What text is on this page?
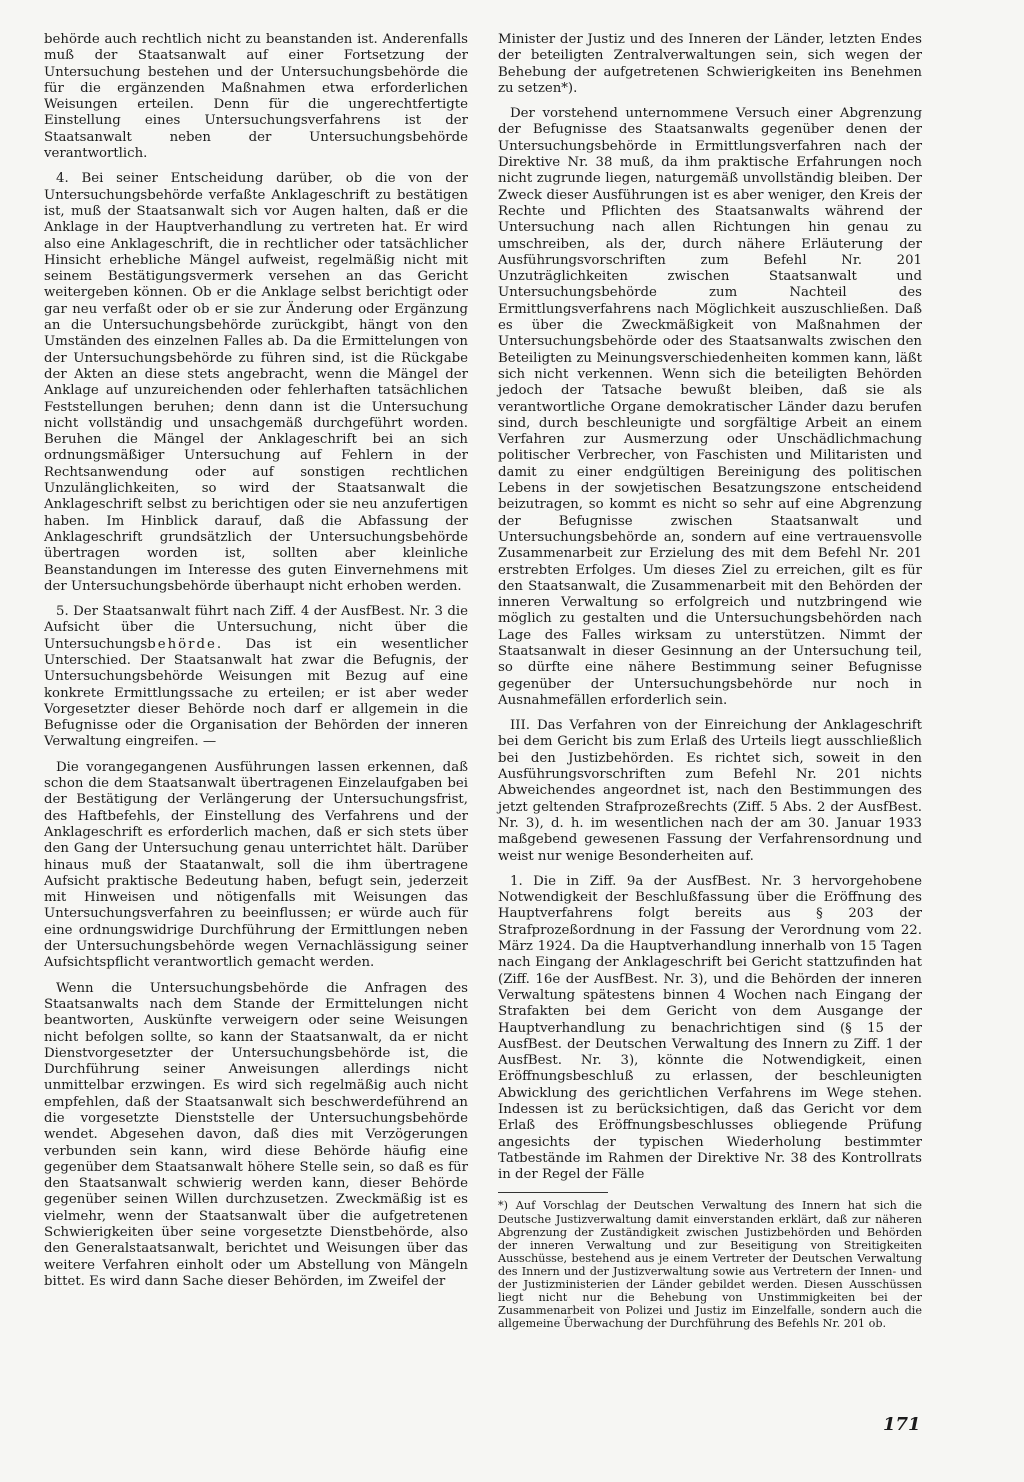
behörde auch rechtlich nicht zu beanstanden ist. Anderenfalls muß der Staatsanwalt auf einer Fortsetzung der Untersuchung bestehen und der Untersuchungsbehörde die für die ergänzenden Maßnahmen etwa erforderlichen Weisungen erteilen. Denn für die ungerechtfertigte Einstellung eines Untersuchungsverfahrens ist der Staatsanwalt neben der Untersuchungsbehörde verantwortlich.

4. Bei seiner Entscheidung darüber, ob die von der Untersuchungsbehörde verfaßte Anklageschrift zu bestätigen ist, muß der Staatsanwalt sich vor Augen halten, daß er die Anklage in der Hauptverhandlung zu vertreten hat. Er wird also eine Anklageschrift, die in rechtlicher oder tatsächlicher Hinsicht erhebliche Mängel aufweist, regelmäßig nicht mit seinem Bestätigungsvermerk versehen an das Gericht weitergeben können. Ob er die Anklage selbst berichtigt oder gar neu verfaßt oder ob er sie zur Änderung oder Ergänzung an die Untersuchungsbehörde zurückgibt, hängt von den Umständen des einzelnen Falles ab. Da die Ermittelungen von der Untersuchungsbehörde zu führen sind, ist die Rückgabe der Akten an diese stets angebracht, wenn die Mängel der Anklage auf unzureichenden oder fehlerhaften tatsächlichen Feststellungen beruhen; denn dann ist die Untersuchung nicht vollständig und unsachgemäß durchgeführt worden. Beruhen die Mängel der Anklageschrift bei an sich ordnungsmäßiger Untersuchung auf Fehlern in der Rechtsanwendung oder auf sonstigen rechtlichen Unzulänglichkeiten, so wird der Staatsanwalt die Anklageschrift selbst zu berichtigen oder sie neu anzufertigen haben. Im Hinblick darauf, daß die Abfassung der Anklageschrift grundsätzlich der Untersuchungsbehörde übertragen worden ist, sollten aber kleinliche Beanstandungen im Interesse des guten Einvernehmens mit der Untersuchungsbehörde überhaupt nicht erhoben werden.

5. Der Staatsanwalt führt nach Ziff. 4 der AusfBest. Nr. 3 die Aufsicht über die Untersuchung, nicht über die Untersuchungsbehörde. Das ist ein wesentlicher Unterschied. Der Staatsanwalt hat zwar die Befugnis, der Untersuchungsbehörde Weisungen mit Bezug auf eine konkrete Ermittlungssache zu erteilen; er ist aber weder Vorgesetzter dieser Behörde noch darf er allgemein in die Befugnisse oder die Organisation der Behörden der inneren Verwaltung eingreifen. —

Die vorangegangenen Ausführungen lassen erkennen, daß schon die dem Staatsanwalt übertragenen Einzelaufgaben bei der Bestätigung der Verlängerung der Untersuchungsfrist, des Haftbefehls, der Einstellung des Verfahrens und der Anklageschrift es erforderlich machen, daß er sich stets über den Gang der Untersuchung genau unterrichtet hält. Darüber hinaus muß der Staatanwalt, soll die ihm übertragene Aufsicht praktische Bedeutung haben, befugt sein, jederzeit mit Hinweisen und nötigenfalls mit Weisungen das Untersuchungsverfahren zu beeinflussen; er würde auch für eine ordnungswidrige Durchführung der Ermittlungen neben der Untersuchungsbehörde wegen Vernachlässigung seiner Aufsichtspflicht verantwortlich gemacht werden.

Wenn die Untersuchungsbehörde die Anfragen des Staatsanwalts nach dem Stande der Ermittelungen nicht beantworten, Auskünfte verweigern oder seine Weisungen nicht befolgen sollte, so kann der Staatsanwalt, da er nicht Dienstvorgesetzter der Untersuchungsbehörde ist, die Durchführung seiner Anweisungen allerdings nicht unmittelbar erzwingen. Es wird sich regelmäßig auch nicht empfehlen, daß der Staatsanwalt sich beschwerdeführend an die vorgesetzte Dienststelle der Untersuchungsbehörde wendet. Abgesehen davon, daß dies mit Verzögerungen verbunden sein kann, wird diese Behörde häufig eine gegenüber dem Staatsanwalt höhere Stelle sein, so daß es für den Staatsanwalt schwierig werden kann, dieser Behörde gegenüber seinen Willen durchzusetzen. Zweckmäßig ist es vielmehr, wenn der Staatsanwalt über die aufgetretenen Schwierigkeiten über seine vorgesetzte Dienstbehörde, also den Generalstaatsanwalt, berichtet und Weisungen über das weitere Verfahren einholt oder um Abstellung von Mängeln bittet. Es wird dann Sache dieser Behörden, im Zweifel der

Minister der Justiz und des Inneren der Länder, letzten Endes der beteiligten Zentralverwaltungen sein, sich wegen der Behebung der aufgetretenen Schwierigkeiten ins Benehmen zu setzen*).

Der vorstehend unternommene Versuch einer Abgrenzung der Befugnisse des Staatsanwalts gegenüber denen der Untersuchungsbehörde in Ermittlungsverfahren nach der Direktive Nr. 38 muß, da ihm praktische Erfahrungen noch nicht zugrunde liegen, naturgemäß unvollständig bleiben. Der Zweck dieser Ausführungen ist es aber weniger, den Kreis der Rechte und Pflichten des Staatsanwalts während der Untersuchung nach allen Richtungen hin genau zu umschreiben, als der, durch nähere Erläuterung der Ausführungsvorschriften zum Befehl Nr. 201 Unzuträglichkeiten zwischen Staatsanwalt und Untersuchungsbehörde zum Nachteil des Ermittlungsverfahrens nach Möglichkeit auszuschließen. Daß es über die Zweckmäßigkeit von Maßnahmen der Untersuchungsbehörde oder des Staatsanwalts zwischen den Beteiligten zu Meinungsverschiedenheiten kommen kann, läßt sich nicht verkennen. Wenn sich die beteiligten Behörden jedoch der Tatsache bewußt bleiben, daß sie als verantwortliche Organe demokratischer Länder dazu berufen sind, durch beschleunigte und sorgfältige Arbeit an einem Verfahren zur Ausmerzung oder Unschädlichmachung politischer Verbrecher, von Faschisten und Militaristen und damit zu einer endgültigen Bereinigung des politischen Lebens in der sowjetischen Besatzungszone entscheidend beizutragen, so kommt es nicht so sehr auf eine Abgrenzung der Befugnisse zwischen Staatsanwalt und Untersuchungsbehörde an, sondern auf eine vertrauensvolle Zusammenarbeit zur Erzielung des mit dem Befehl Nr. 201 erstrebten Erfolges. Um dieses Ziel zu erreichen, gilt es für den Staatsanwalt, die Zusammenarbeit mit den Behörden der inneren Verwaltung so erfolgreich und nutzbringend wie möglich zu gestalten und die Untersuchungsbehörden nach Lage des Falles wirksam zu unterstützen. Nimmt der Staatsanwalt in dieser Gesinnung an der Untersuchung teil, so dürfte eine nähere Bestimmung seiner Befugnisse gegenüber der Untersuchungsbehörde nur noch in Ausnahmefällen erforderlich sein.

III. Das Verfahren von der Einreichung der Anklageschrift bei dem Gericht bis zum Erlaß des Urteils liegt ausschließlich bei den Justizbehörden. Es richtet sich, soweit in den Ausführungsvorschriften zum Befehl Nr. 201 nichts Abweichendes angeordnet ist, nach den Bestimmungen des jetzt geltenden Strafprozeßrechts (Ziff. 5 Abs. 2 der AusfBest. Nr. 3), d. h. im wesentlichen nach der am 30. Januar 1933 maßgebend gewesenen Fassung der Verfahrensordnung und weist nur wenige Besonderheiten auf.

1. Die in Ziff. 9a der AusfBest. Nr. 3 hervorgehobene Notwendigkeit der Beschlußfassung über die Eröffnung des Hauptverfahrens folgt bereits aus § 203 der Strafprozeßordnung in der Fassung der Verordnung vom 22. März 1924. Da die Hauptverhandlung innerhalb von 15 Tagen nach Eingang der Anklageschrift bei Gericht stattzufinden hat (Ziff. 16e der AusfBest. Nr. 3), und die Behörden der inneren Verwaltung spätestens binnen 4 Wochen nach Eingang der Strafakten bei dem Gericht von dem Ausgange der Hauptverhandlung zu benachrichtigen sind (§ 15 der AusfBest. der Deutschen Verwaltung des Innern zu Ziff. 1 der AusfBest. Nr. 3), könnte die Notwendigkeit, einen Eröffnungsbeschluß zu erlassen, der beschleunigten Abwicklung des gerichtlichen Verfahrens im Wege stehen. Indessen ist zu berücksichtigen, daß das Gericht vor dem Erlaß des Eröffnungsbeschlusses obliegende Prüfung angesichts der typischen Wiederholung bestimmter Tatbestände im Rahmen der Direktive Nr. 38 des Kontrollrats in der Regel der Fälle

*) Auf Vorschlag der Deutschen Verwaltung des Innern hat sich die Deutsche Justizverwaltung damit einverstanden erklärt, daß zur näheren Abgrenzung der Zuständigkeit zwischen Justizbehörden und Behörden der inneren Verwaltung und zur Beseitigung von Streitigkeiten Ausschüsse, bestehend aus je einem Vertreter der Deutschen Verwaltung des Innern und der Justizverwaltung sowie aus Vertretern der Innen- und der Justizministerien der Länder gebildet werden. Diesen Ausschüssen liegt nicht nur die Behebung von Unstimmigkeiten bei der Zusammenarbeit von Polizei und Justiz im Einzelfalle, sondern auch die allgemeine Überwachung der Durchführung des Befehls Nr. 201 ob.

171
